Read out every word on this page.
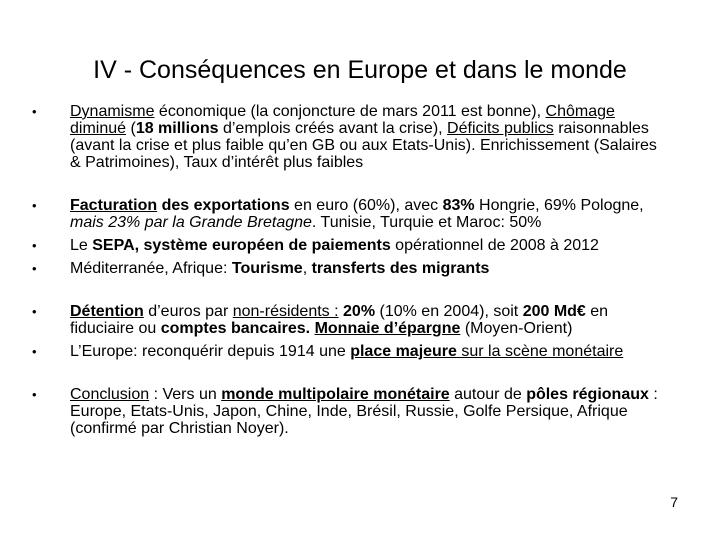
IV - Conséquences en Europe et dans le monde
• Dynamisme économique (la conjoncture de mars 2011 est bonne), Chômage diminué (18 millions d’emplois créés avant la crise), Déficits publics raisonnables (avant la crise et plus faible qu’en GB ou aux Etats-Unis). Enrichissement (Salaires & Patrimoines), Taux d’intérêt plus faibles
• Facturation des exportations en euro (60%), avec 83% Hongrie, 69% Pologne, mais 23% par la Grande Bretagne. Tunisie, Turquie et Maroc: 50%
• Le SEPA, système européen de paiements opérationnel de 2008 à 2012
• Méditerranée, Afrique: Tourisme, transferts des migrants
• Détention d’euros par non-résidents : 20% (10% en 2004), soit 200 Md€ en fiduciaire ou comptes bancaires. Monnaie d’épargne (Moyen-Orient)
• L’Europe: reconquérir depuis 1914 une place majeure sur la scène monétaire
• Conclusion : Vers un monde multipolaire monétaire autour de pôles régionaux : Europe, Etats-Unis, Japon, Chine, Inde, Brésil, Russie, Golfe Persique, Afrique (confirmé par Christian Noyer).
7
